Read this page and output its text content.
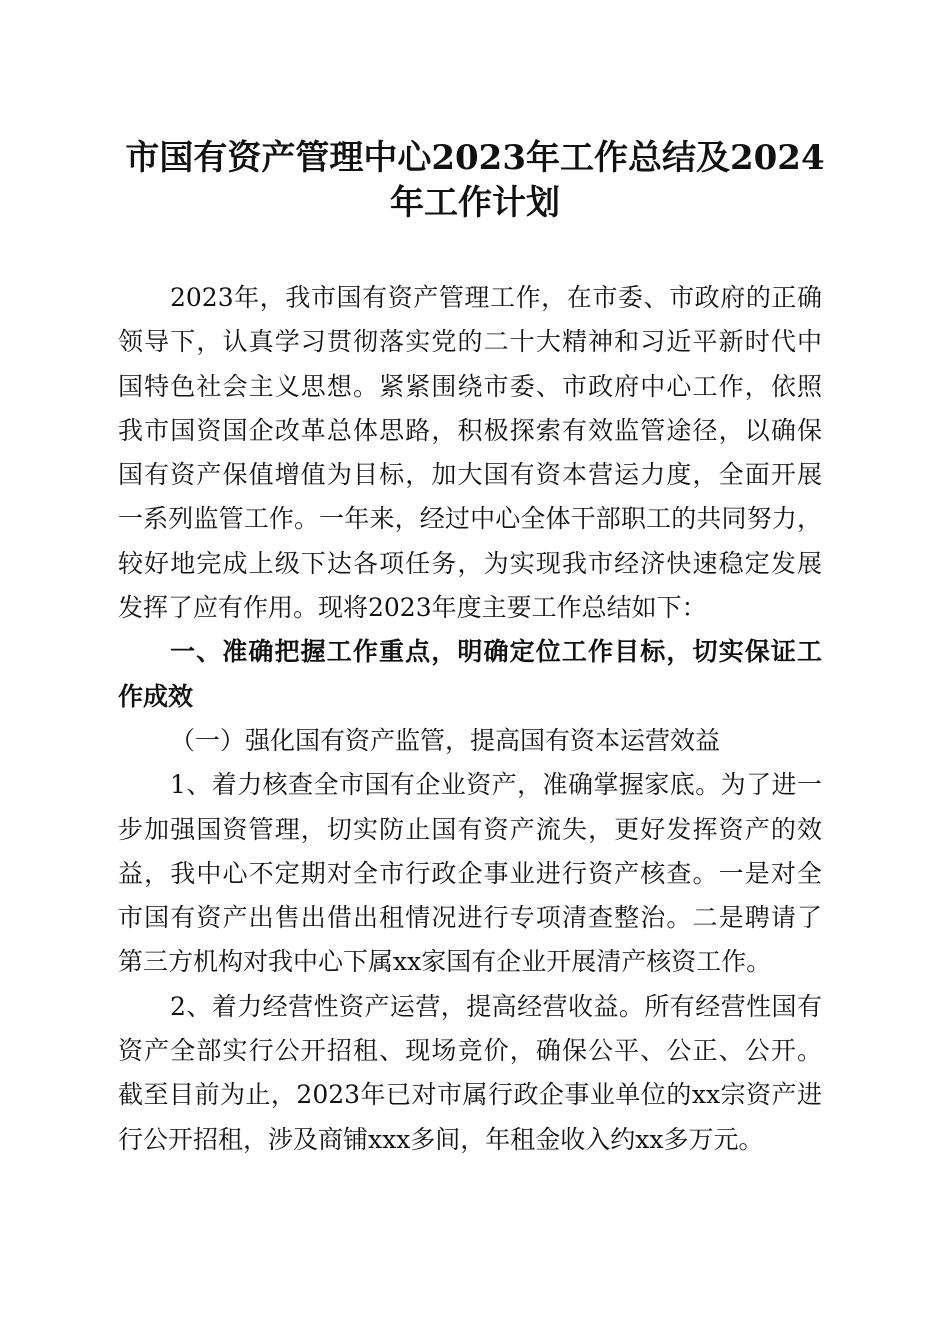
市国有资产管理中心2023年工作总结及2024
年工作计划
2023年，我市国有资产管理工作，在市委、市政府的正确
领导下，认真学习贯彻落实党的二十大精神和习近平新时代中
国特色社会主义思想。紧紧围绕市委、市政府中心工作，依照
我市国资国企改革总体思路，积极探索有效监管途径，以确保
国有资产保值增值为目标，加大国有资本营运力度，全面开展
一系列监管工作。一年来，经过中心全体干部职工的共同努力，
较好地完成上级下达各项任务，为实现我市经济快速稳定发展
发挥了应有作用。现将2023年度主要工作总结如下：
一、准确把握工作重点，明确定位工作目标，切实保证工
作成效
（一）强化国有资产监管，提高国有资本运营效益
1、着力核查全市国有企业资产，准确掌握家底。为了进一
步加强国资管理，切实防止国有资产流失，更好发挥资产的效
益，我中心不定期对全市行政企事业进行资产核查。一是对全
市国有资产出售出借出租情况进行专项清查整治。二是聘请了
第三方机构对我中心下属xx家国有企业开展清产核资工作。
2、着力经营性资产运营，提高经营收益。所有经营性国有
资产全部实行公开招租、现场竞价，确保公平、公正、公开。
截至目前为止，2023年已对市属行政企事业单位的xx宗资产进
行公开招租，涉及商铺xxx多间，年租金收入约xx多万元。
